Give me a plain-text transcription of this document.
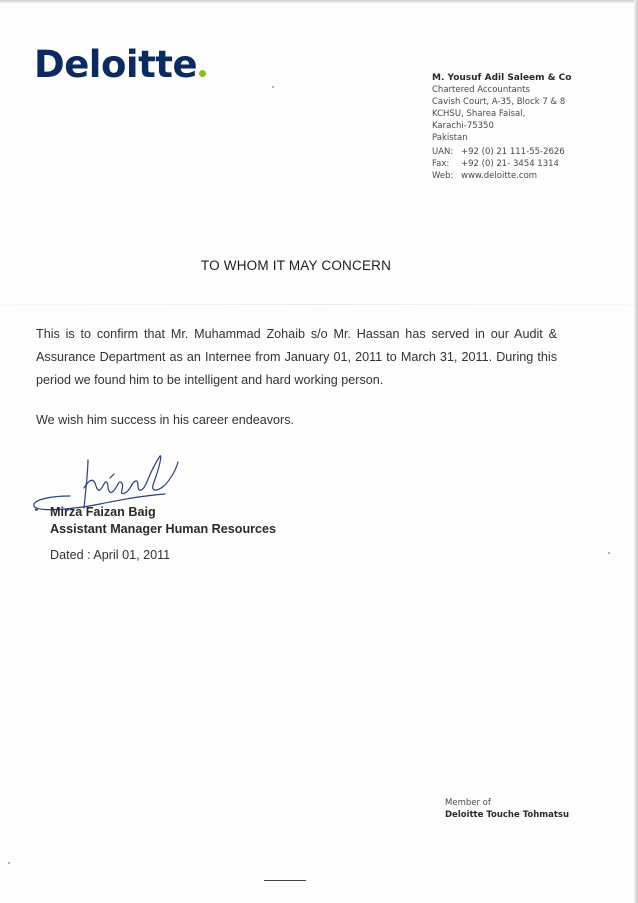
Deloitte	M. Yousuf Adil Saleem & Co
Chartered Accountants
Cavish Court, A-35, Block 7 & 8
KCHSU, Sharea Faisal,
Karachi-75350
Pakistan
UAN: +92 (0) 21 111-55-2626
Fax:	+92 (0) 21- 3454 1314
Web: www.deloitte.com
TO WHOM IT MAY CONCERN
This is to confirm that Mr. Muhammad Zohaib s/o Mr. Hassan has served in our Audit & Assurance Department as an Internee from January 01, 2011 to March 31, 2011. During this period we found him to be intelligent and hard working person.
We wish him success in his career endeavors.
Mirza Faizan Baig
Assistant Manager Human Resources
Dated : April 01, 2011
Member of
Deloitte Touche Tohmatsu
